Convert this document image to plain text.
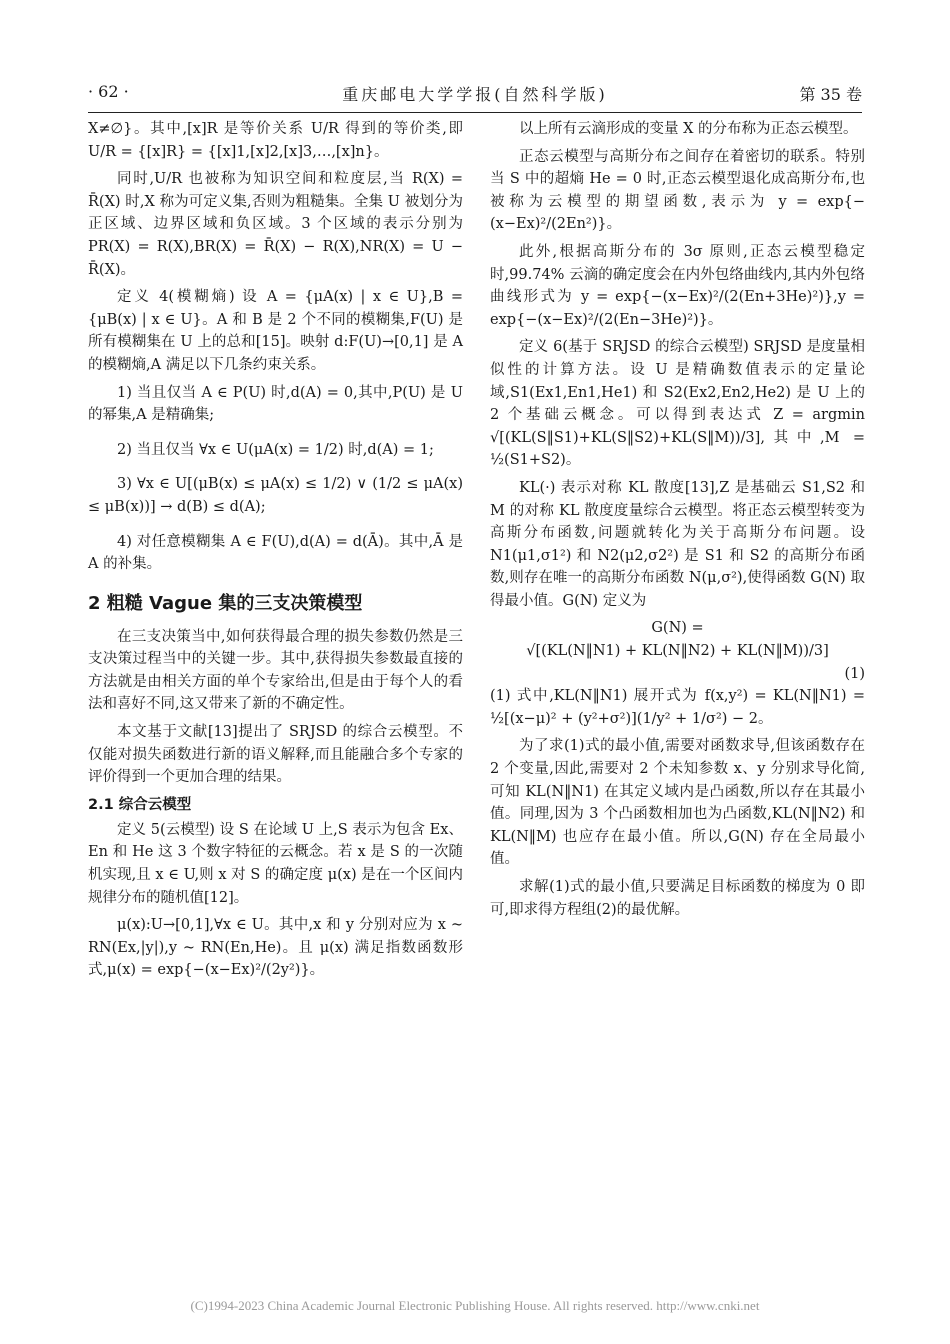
· 62 ·	重庆邮电大学学报(自然科学版)	第 35 卷

X≠∅}。其中,[x]R 是等价关系 U/R 得到的等价类,即 U/R = {[x]R} = {[x]1,[x]2,[x]3,…,[x]n}。

同时,U/R 也被称为知识空间和粒度层,当 R(X) = R̄(X) 时,X 称为可定义集,否则为粗糙集。全集 U 被划分为正区域、边界区域和负区域。3 个区域的表示分别为 PR(X) = R(X),BR(X) = R̄(X) − R(X),NR(X) = U − R̄(X)。

定义 4(模糊熵) 设 A = {μA(x) | x ∈ U},B = {μB(x) | x ∈ U}。A 和 B 是 2 个不同的模糊集,F(U) 是所有模糊集在 U 上的总和[15]。映射 d:F(U)→[0,1] 是 A 的模糊熵,A 满足以下几条约束关系。

1) 当且仅当 A ∈ P(U) 时,d(A) = 0,其中,P(U) 是 U 的幂集,A 是精确集;

2) 当且仅当 ∀x ∈ U(μA(x) = 1/2) 时,d(A) = 1;

3) ∀x ∈ U[(μB(x) ≤ μA(x) ≤ 1/2) ∨ (1/2 ≤ μA(x) ≤ μB(x))] → d(B) ≤ d(A);

4) 对任意模糊集 A ∈ F(U),d(A) = d(Ā)。其中,Ā 是 A 的补集。

2 粗糙 Vague 集的三支决策模型

在三支决策当中,如何获得最合理的损失参数仍然是三支决策过程当中的关键一步。其中,获得损失参数最直接的方法就是由相关方面的单个专家给出,但是由于每个人的看法和喜好不同,这又带来了新的不确定性。

本文基于文献[13]提出了 SRJSD 的综合云模型。不仅能对损失函数进行新的语义解释,而且能融合多个专家的评价得到一个更加合理的结果。

2.1 综合云模型

定义 5(云模型) 设 S 在论域 U 上,S 表示为包含 Ex、En 和 He 这 3 个数字特征的云概念。若 x 是 S 的一次随机实现,且 x ∈ U,则 x 对 S 的确定度 μ(x) 是在一个区间内规律分布的随机值[12]。

μ(x):U→[0,1],∀x ∈ U。其中,x 和 y 分别对应为 x ~ RN(Ex,|y|),y ~ RN(En,He)。且 μ(x) 满足指数函数形式,μ(x) = exp{−(x−Ex)²/(2y²)}。

以上所有云滴形成的变量 X 的分布称为正态云模型。

正态云模型与高斯分布之间存在着密切的联系。特别当 S 中的超熵 He = 0 时,正态云模型退化成高斯分布,也被称为云模型的期望函数,表示为 y = exp{−(x−Ex)²/(2En²)}。

此外,根据高斯分布的 3σ 原则,正态云模型稳定时,99.74% 云滴的确定度会在内外包络曲线内,其内外包络曲线形式为 y = exp{−(x−Ex)²/(2(En+3He)²)},y = exp{−(x−Ex)²/(2(En−3He)²)}。

定义 6(基于 SRJSD 的综合云模型) SRJSD 是度量相似性的计算方法。设 U 是精确数值表示的定量论域,S1(Ex1,En1,He1) 和 S2(Ex2,En2,He2) 是 U 上的 2 个基础云概念。可以得到表达式 Z = argmin √[(KL(S‖S1)+KL(S‖S2)+KL(S‖M))/3],其中,M = ½(S1+S2)。

KL(·) 表示对称 KL 散度[13],Z 是基础云 S1,S2 和 M 的对称 KL 散度度量综合云模型。将正态云模型转变为高斯分布函数,问题就转化为关于高斯分布问题。设 N1(μ1,σ1²) 和 N2(μ2,σ2²) 是 S1 和 S2 的高斯分布函数,则存在唯一的高斯分布函数 N(μ,σ²),使得函数 G(N) 取得最小值。G(N) 定义为

G(N) =

√[(KL(N‖N1) + KL(N‖N2) + KL(N‖M))/3]

(1)

(1) 式中,KL(N‖N1) 展开式为 f(x,y²) = KL(N‖N1) = ½[(x−μ)² + (y²+σ²)](1/y² + 1/σ²) − 2。

为了求(1)式的最小值,需要对函数求导,但该函数存在 2 个变量,因此,需要对 2 个未知参数 x、y 分别求导化简,可知 KL(N‖N1) 在其定义域内是凸函数,所以存在其最小值。同理,因为 3 个凸函数相加也为凸函数,KL(N‖N2) 和 KL(N‖M) 也应存在最小值。所以,G(N) 存在全局最小值。

求解(1)式的最小值,只要满足目标函数的梯度为 0 即可,即求得方程组(2)的最优解。

(C)1994-2023 China Academic Journal Electronic Publishing House. All rights reserved. http://www.cnki.net
